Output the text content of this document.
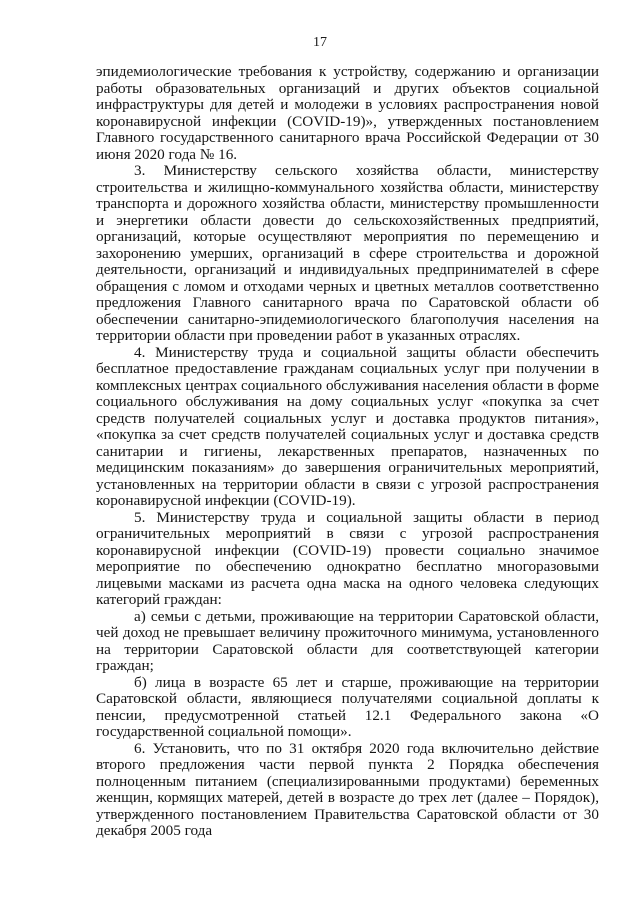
17

эпидемиологические требования к устройству, содержанию и организации работы образовательных организаций и других объектов социальной инфраструктуры для детей и молодежи в условиях распространения новой коронавирусной инфекции (COVID-19)», утвержденных постановлением Главного государственного санитарного врача Российской Федерации от 30 июня 2020 года № 16.

3. Министерству сельского хозяйства области, министерству строительства и жилищно-коммунального хозяйства области, министерству транспорта и дорожного хозяйства области, министерству промышленности и энергетики области довести до сельскохозяйственных предприятий, организаций, которые осуществляют мероприятия по перемещению и захоронению умерших, организаций в сфере строительства и дорожной деятельности, организаций и индивидуальных предпринимателей в сфере обращения с ломом и отходами черных и цветных металлов соответственно предложения Главного санитарного врача по Саратовской области об обеспечении санитарно-эпидемиологического благополучия населения на территории области при проведении работ в указанных отраслях.

4. Министерству труда и социальной защиты области обеспечить бесплатное предоставление гражданам социальных услуг при получении в комплексных центрах социального обслуживания населения области в форме социального обслуживания на дому социальных услуг «покупка за счет средств получателей социальных услуг и доставка продуктов питания», «покупка за счет средств получателей социальных услуг и доставка средств санитарии и гигиены, лекарственных препаратов, назначенных по медицинским показаниям» до завершения ограничительных мероприятий, установленных на территории области в связи с угрозой распространения коронавирусной инфекции (COVID-19).

5. Министерству труда и социальной защиты области в период ограничительных мероприятий в связи с угрозой распространения коронавирусной инфекции (COVID-19) провести социально значимое мероприятие по обеспечению однократно бесплатно многоразовыми лицевыми масками из расчета одна маска на одного человека следующих категорий граждан:

а) семьи с детьми, проживающие на территории Саратовской области, чей доход не превышает величину прожиточного минимума, установленного на территории Саратовской области для соответствующей категории граждан;

б) лица в возрасте 65 лет и старше, проживающие на территории Саратовской области, являющиеся получателями социальной доплаты к пенсии, предусмотренной статьей 12.1 Федерального закона «О государственной социальной помощи».

6. Установить, что по 31 октября 2020 года включительно действие второго предложения части первой пункта 2 Порядка обеспечения полноценным питанием (специализированными продуктами) беременных женщин, кормящих матерей, детей в возрасте до трех лет (далее – Порядок), утвержденного постановлением Правительства Саратовской области от 30 декабря 2005 года
